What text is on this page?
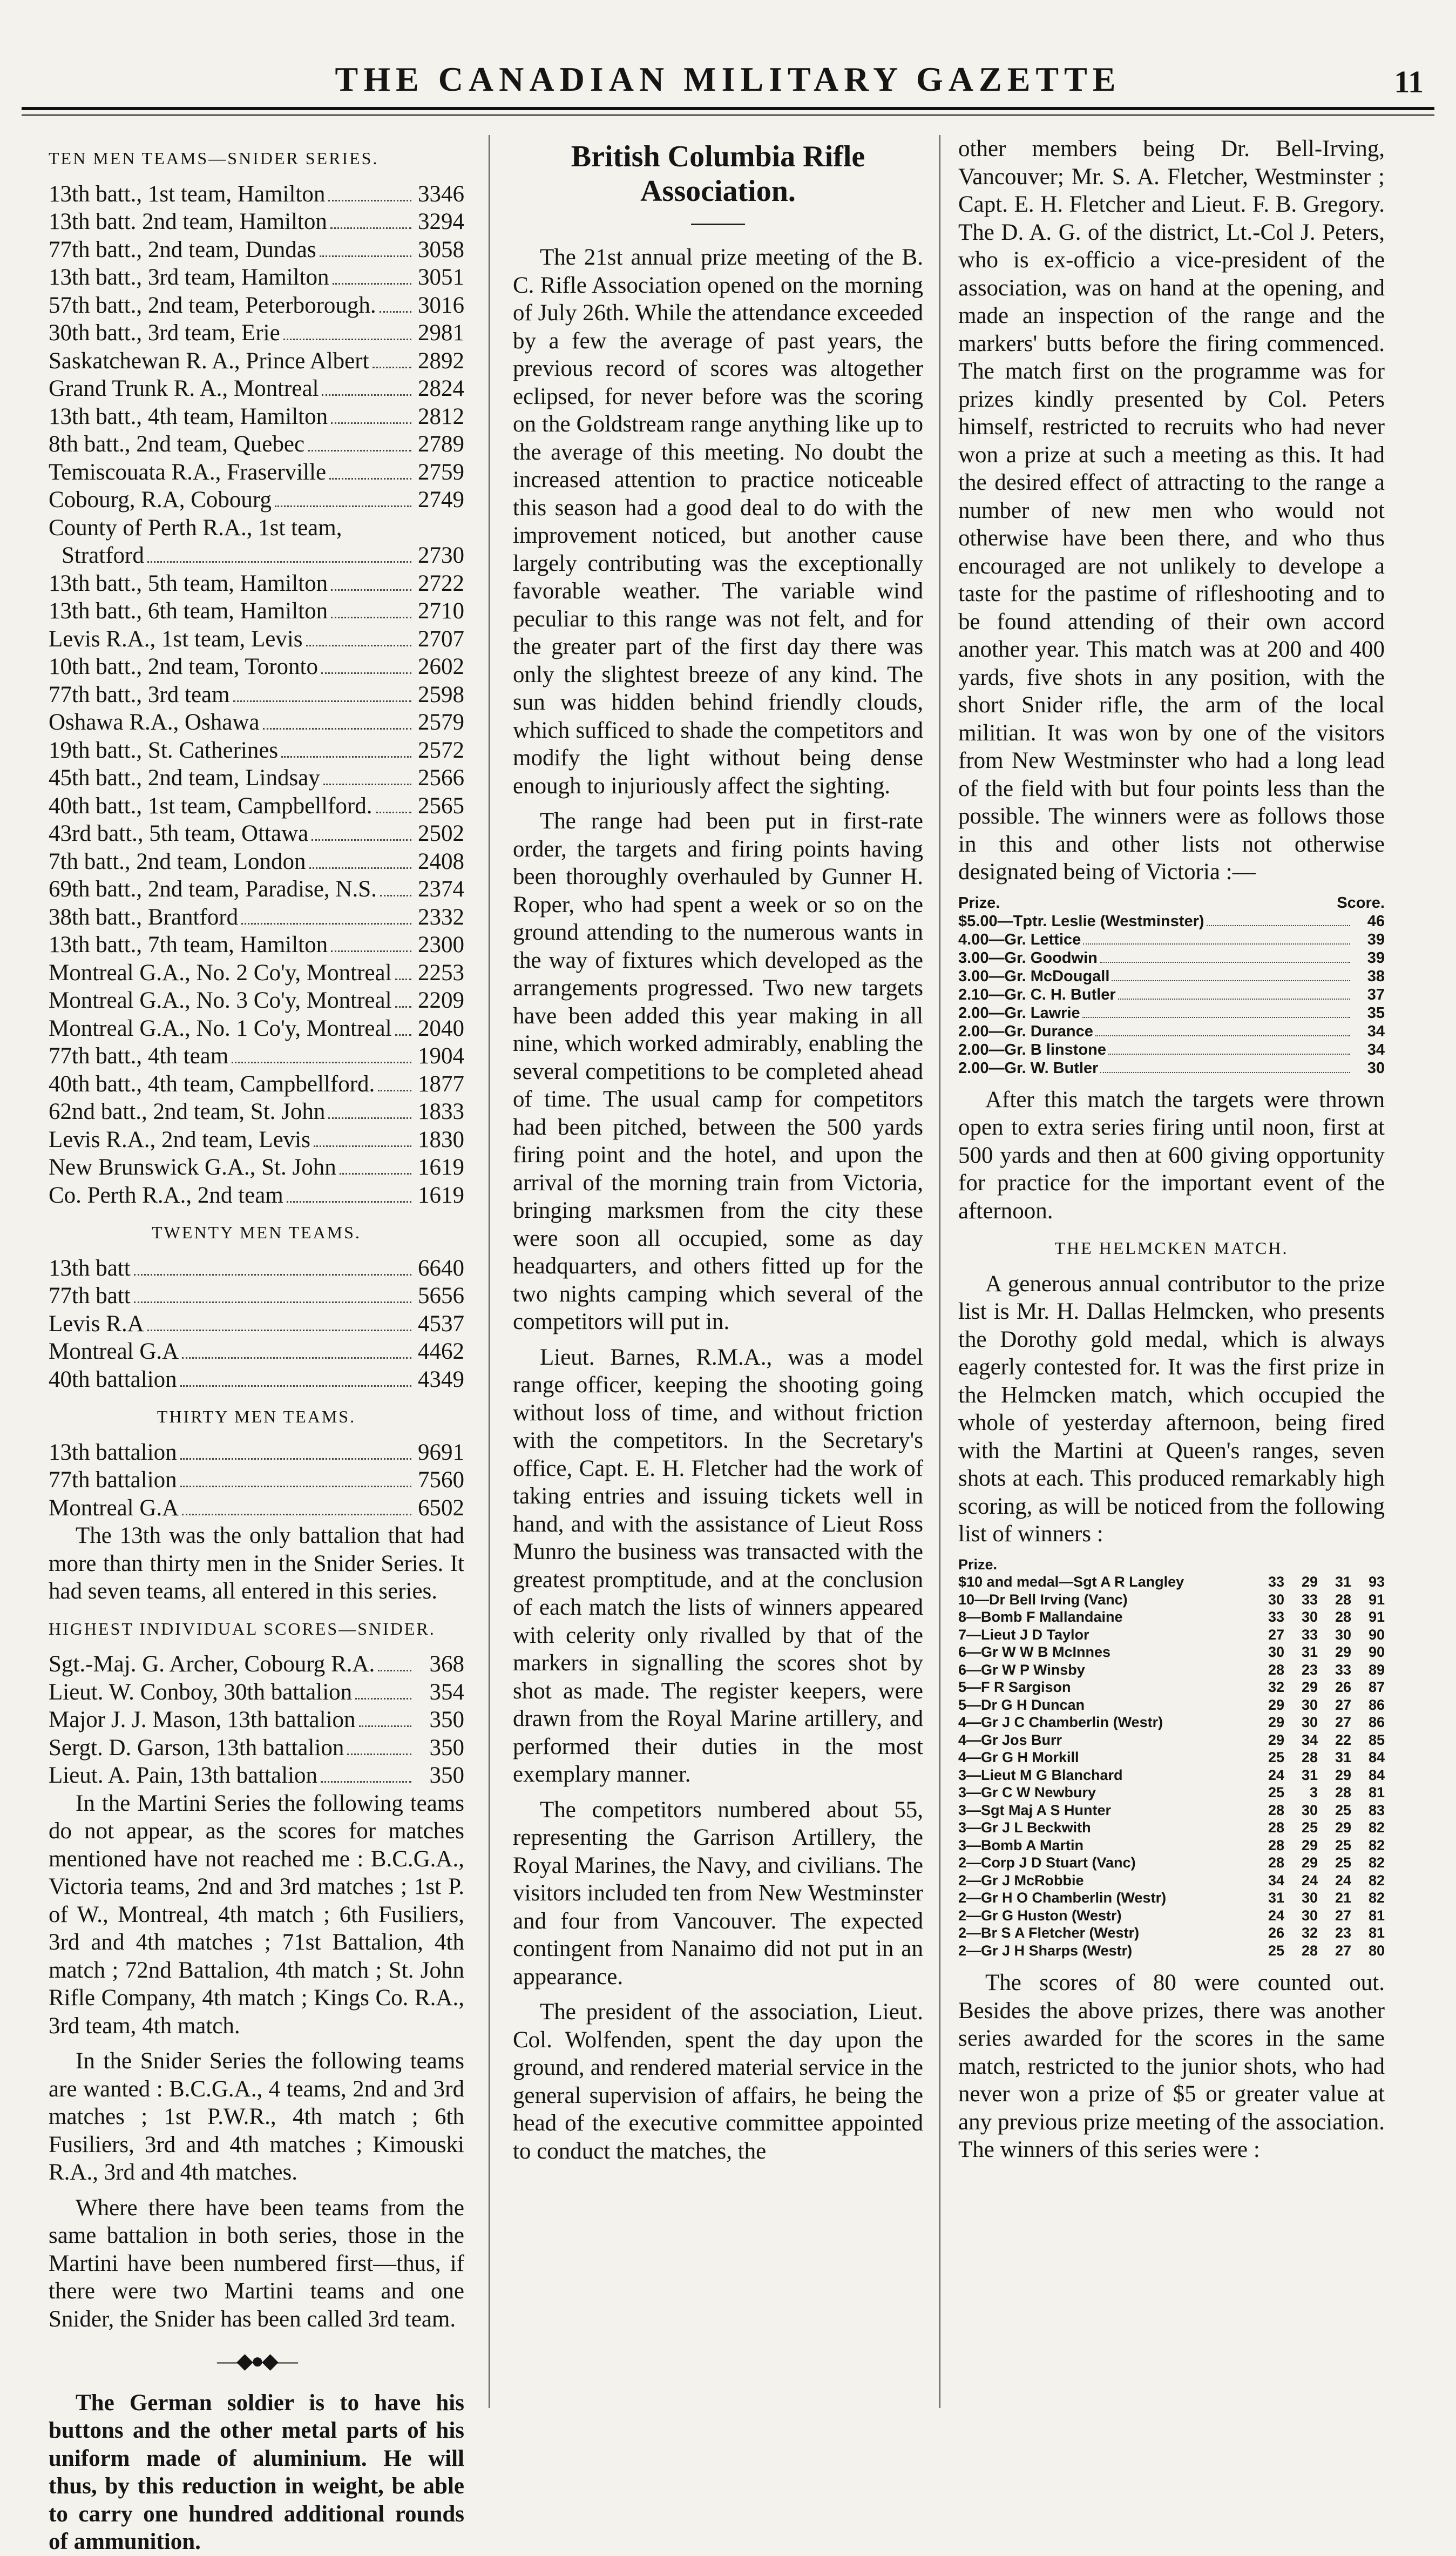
THE CANADIAN MILITARY GAZETTE	11
TEN MEN TEAMS—SNIDER SERIES.
13th batt., 1st team, Hamilton	3346
13th batt. 2nd team, Hamilton	3294
77th batt., 2nd team, Dundas	3058
13th batt., 3rd team, Hamilton	3051
57th batt., 2nd team, Peterborough. 3016
30th batt., 3rd team, Erie	2981
Saskatchewan R. A., Prince Albert 2892
Grand Trunk R. A., Montreal	2824
13th batt., 4th team, Hamilton	2812
8th batt., 2nd team, Quebec	2789
Temiscouata R.A., Fraserville	2759
Cobourg, R.A, Cobourg	2749
County of Perth R.A., 1st team,
Stratford	2730
13th batt., 5th team, Hamilton	2722
13th batt., 6th team, Hamilton	2710
Levis R.A., 1st team, Levis	2707
10th batt., 2nd team, Toronto	2602
77th batt., 3rd team	2598
Oshawa R.A., Oshawa	2579
19th batt., St. Catherines	2572
45th batt., 2nd team, Lindsay	2566
40th batt., 1st team, Campbellford. 2565
43rd batt., 5th team, Ottawa	2502
7th batt., 2nd team, London	2408
69th batt., 2nd team, Paradise, N.S. 2374
38th batt., Brantford	2332
13th batt., 7th team, Hamilton	2300
Montreal G.A., No. 2 Co'y, Montreal 2253
Montreal G.A., No. 3 Co'y, Montreal 2209
Montreal G.A., No. 1 Co'y, Montreal 2040
77th batt., 4th team	1904
40th batt., 4th team, Campbellford. 1877
62nd batt., 2nd team, St. John	1833
Levis R.A., 2nd team, Levis	1830
New Brunswick G.A., St. John	1619
Co. Perth R.A., 2nd team	1619
TWENTY MEN TEAMS.
13th batt	6640
77th batt	5656
Levis R.A	4537
Montreal G.A	4462
40th battalion	4349
THIRTY MEN TEAMS.
13th battalion	9691
77th battalion	7560
Montreal G.A	6502

The 13th was the only battalion that had more than thirty men in the Snider Series. It had seven teams, all entered in this series.

HIGHEST INDIVIDUAL SCORES—SNIDER.
Sgt.-Maj. G. Archer, Cobourg R.A.	368
Lieut. W. Conboy, 30th battalion	354
Major J. J. Mason, 13th battalion	350
Sergt. D. Garson, 13th battalion	350
Lieut. A. Pain, 13th battalion	350

In the Martini Series the following teams do not appear, as the scores for matches mentioned have not reached me : B.C.G.A., Victoria teams, 2nd and 3rd matches ; 1st P. of W., Montreal, 4th match ; 6th Fusiliers, 3rd and 4th matches ; 71st Battalion, 4th match ; 72nd Battalion, 4th match ; St. John Rifle Company, 4th match ; Kings Co. R.A., 3rd team, 4th match.

In the Snider Series the following teams are wanted : B.C.G.A., 4 teams, 2nd and 3rd matches ; 1st P.W.R., 4th match ; 6th Fusiliers, 3rd and 4th matches ; Kimouski R.A., 3rd and 4th matches.

Where there have been teams from the same battalion in both series, those in the Martini have been numbered first—thus, if there were two Martini teams and one Snider, the Snider has been called 3rd team.

—◆●◆—

The German soldier is to have his buttons and the other metal parts of his uniform made of aluminium. He will thus, by this reduction in weight, be able to carry one hundred additional rounds of ammunition.

British Columbia Rifle Association.

The 21st annual prize meeting of the B. C. Rifle Association opened on the morning of July 26th. While the attendance exceeded by a few the average of past years, the previous record of scores was altogether eclipsed, for never before was the scoring on the Goldstream range anything like up to the average of this meeting. No doubt the increased attention to practice noticeable this season had a good deal to do with the improvement noticed, but another cause largely contributing was the exceptionally favorable weather. The variable wind peculiar to this range was not felt, and for the greater part of the first day there was only the slightest breeze of any kind. The sun was hidden behind friendly clouds, which sufficed to shade the competitors and modify the light without being dense enough to injuriously affect the sighting.

The range had been put in first-rate order, the targets and firing points having been thoroughly overhauled by Gunner H. Roper, who had spent a week or so on the ground attending to the numerous wants in the way of fixtures which developed as the arrangements progressed. Two new targets have been added this year making in all nine, which worked admirably, enabling the several competitions to be completed ahead of time. The usual camp for competitors had been pitched, between the 500 yards firing point and the hotel, and upon the arrival of the morning train from Victoria, bringing marksmen from the city these were soon all occupied, some as day headquarters, and others fitted up for the two nights camping which several of the competitors will put in.

Lieut. Barnes, R.M.A., was a model range officer, keeping the shooting going without loss of time, and without friction with the competitors. In the Secretary's office, Capt. E. H. Fletcher had the work of taking entries and issuing tickets well in hand, and with the assistance of Lieut Ross Munro the business was transacted with the greatest promptitude, and at the conclusion of each match the lists of winners appeared with celerity only rivalled by that of the markers in signalling the scores shot by shot as made. The register keepers, were drawn from the Royal Marine artillery, and performed their duties in the most exemplary manner.

The competitors numbered about 55, representing the Garrison Artillery, the Royal Marines, the Navy, and civilians. The visitors included ten from New Westminster and four from Vancouver. The expected contingent from Nanaimo did not put in an appearance.

The president of the association, Lieut. Col. Wolfenden, spent the day upon the ground, and rendered material service in the general supervision of affairs, he being the head of the executive committee appointed to conduct the matches, the

other members being Dr. Bell-Irving, Vancouver; Mr. S. A. Fletcher, Westminster ; Capt. E. H. Fletcher and Lieut. F. B. Gregory. The D. A. G. of the district, Lt.-Col J. Peters, who is ex-officio a vice-president of the association, was on hand at the opening, and made an inspection of the range and the markers' butts before the firing commenced. The match first on the programme was for prizes kindly presented by Col. Peters himself, restricted to recruits who had never won a prize at such a meeting as this. It had the desired effect of attracting to the range a number of new men who would not otherwise have been there, and who thus encouraged are not unlikely to develope a taste for the pastime of rifleshooting and to be found attending of their own accord another year. This match was at 200 and 400 yards, five shots in any position, with the short Snider rifle, the arm of the local militian. It was won by one of the visitors from New Westminster who had a long lead of the field with but four points less than the possible. The winners were as follows those in this and other lists not otherwise designated being of Victoria :—

Prize.	Score.
$5.00—Tptr. Leslie (Westminster)	46
4.00—Gr. Lettice	39
3.00—Gr. Goodwin	39
3.00—Gr. McDougall	38
2.10—Gr. C. H. Butler	37
2.00—Gr. Lawrie	35
2.00—Gr. Durance	34
2.00—Gr. B linstone	34
2.00—Gr. W. Butler	30

After this match the targets were thrown open to extra series firing until noon, first at 500 yards and then at 600 giving opportunity for practice for the important event of the afternoon.

THE HELMCKEN MATCH.

A generous annual contributor to the prize list is Mr. H. Dallas Helmcken, who presents the Dorothy gold medal, which is always eagerly contested for. It was the first prize in the Helmcken match, which occupied the whole of yesterday afternoon, being fired with the Martini at Queen's ranges, seven shots at each. This produced remarkably high scoring, as will be noticed from the following list of winners :

Prize.
$10 and medal—Sgt A R Langley	33	29	31	93
10—Dr Bell Irving (Vanc)	30	33	28	91
8—Bomb F Mallandaine	33	30	28	91
7—Lieut J D Taylor	27	33	30	90
6—Gr W W B McInnes	30	31	29	90
6—Gr W P Winsby	28	23	33	89
5—F R Sargison	32	29	26	87
5—Dr G H Duncan	29	30	27	86
4—Gr J C Chamberlin (Westr)	29	30	27	86
4—Gr Jos Burr	29	34	22	85
4—Gr G H Morkill	25	28	31	84
3—Lieut M G Blanchard	24	31	29	84
3—Gr C W Newbury	25	3	28	81
3—Sgt Maj A S Hunter	28	30	25	83
3—Gr J L Beckwith	28	25	29	82
3—Bomb A Martin	28	29	25	82
2—Corp J D Stuart (Vanc)	28	29	25	82
2—Gr J McRobbie	34	24	24	82
2—Gr H O Chamberlin (Westr)	31	30	21	82
2—Gr G Huston (Westr)	24	30	27	81
2—Br S A Fletcher (Westr)	26	32	23	81
2—Gr J H Sharps (Westr)	25	28	27	80

The scores of 80 were counted out. Besides the above prizes, there was another series awarded for the scores in the same match, restricted to the junior shots, who had never won a prize of $5 or greater value at any previous prize meeting of the association. The winners of this series were :
